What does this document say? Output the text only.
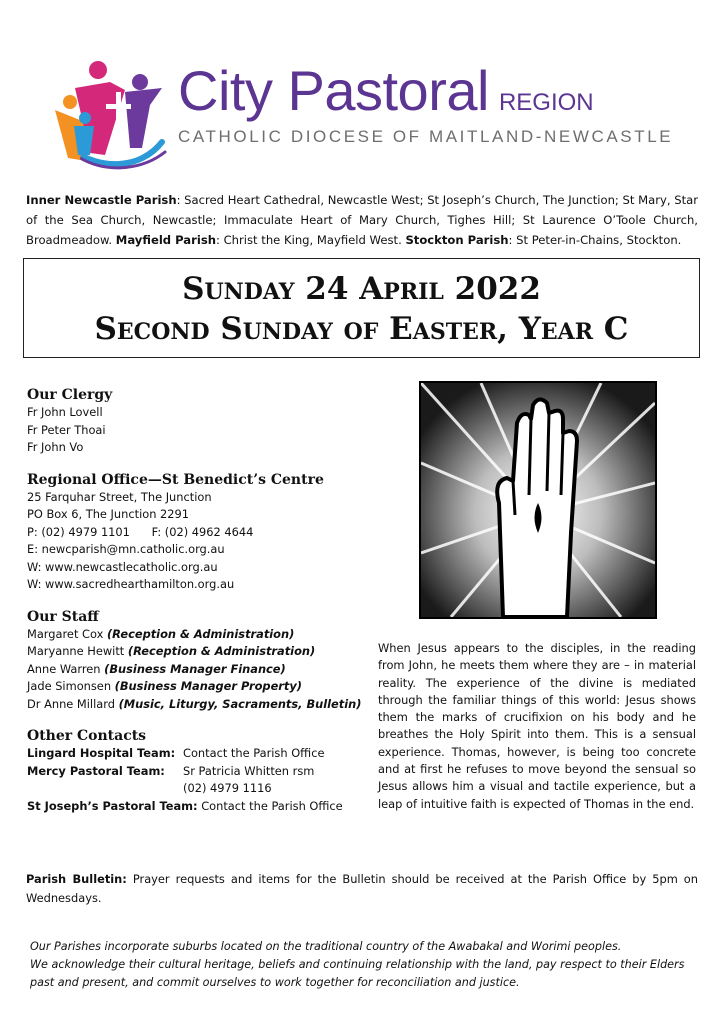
City Pastoral REGION
CATHOLIC DIOCESE OF MAITLAND-NEWCASTLE
Inner Newcastle Parish: Sacred Heart Cathedral, Newcastle West; St Joseph’s Church, The Junction; St Mary, Star of the Sea Church, Newcastle; Immaculate Heart of Mary Church, Tighes Hill; St Laurence O’Toole Church, Broadmeadow. Mayfield Parish: Christ the King, Mayfield West. Stockton Parish: St Peter-in-Chains, Stockton.
Sunday 24 April 2022
Second Sunday of Easter, Year C
Our Clergy
Fr John Lovell
Fr Peter Thoai
Fr John Vo
Regional Office—St Benedict’s Centre
25 Farquhar Street, The Junction
PO Box 6, The Junction 2291
P: (02) 4979 1101      F: (02) 4962 4644
E: newcparish@mn.catholic.org.au
W: www.newcastlecatholic.org.au
W: www.sacredhearthamilton.org.au
Our Staff
Margaret Cox (Reception & Administration)
Maryanne Hewitt (Reception & Administration)
Anne Warren (Business Manager Finance)
Jade Simonsen (Business Manager Property)
Dr Anne Millard (Music, Liturgy, Sacraments, Bulletin)
Other Contacts
Lingard Hospital Team: Contact the Parish Office
Mercy Pastoral Team:	Sr Patricia Whitten rsm
(02) 4979 1116
St Joseph’s Pastoral Team: Contact the Parish Office
When Jesus appears to the disciples, in the reading from John, he meets them where they are – in material reality. The experience of the divine is mediated through the familiar things of this world: Jesus shows them the marks of crucifixion on his body and he breathes the Holy Spirit into them. This is a sensual experience. Thomas, however, is being too concrete and at first he refuses to move beyond the sensual so Jesus allows him a visual and tactile experience, but a leap of intuitive faith is expected of Thomas in the end.
Parish Bulletin: Prayer requests and items for the Bulletin should be received at the Parish Office by 5pm on Wednesdays.
Our Parishes incorporate suburbs located on the traditional country of the Awabakal and Worimi peoples.
We acknowledge their cultural heritage, beliefs and continuing relationship with the land, pay respect to their Elders past and present, and commit ourselves to work together for reconciliation and justice.
